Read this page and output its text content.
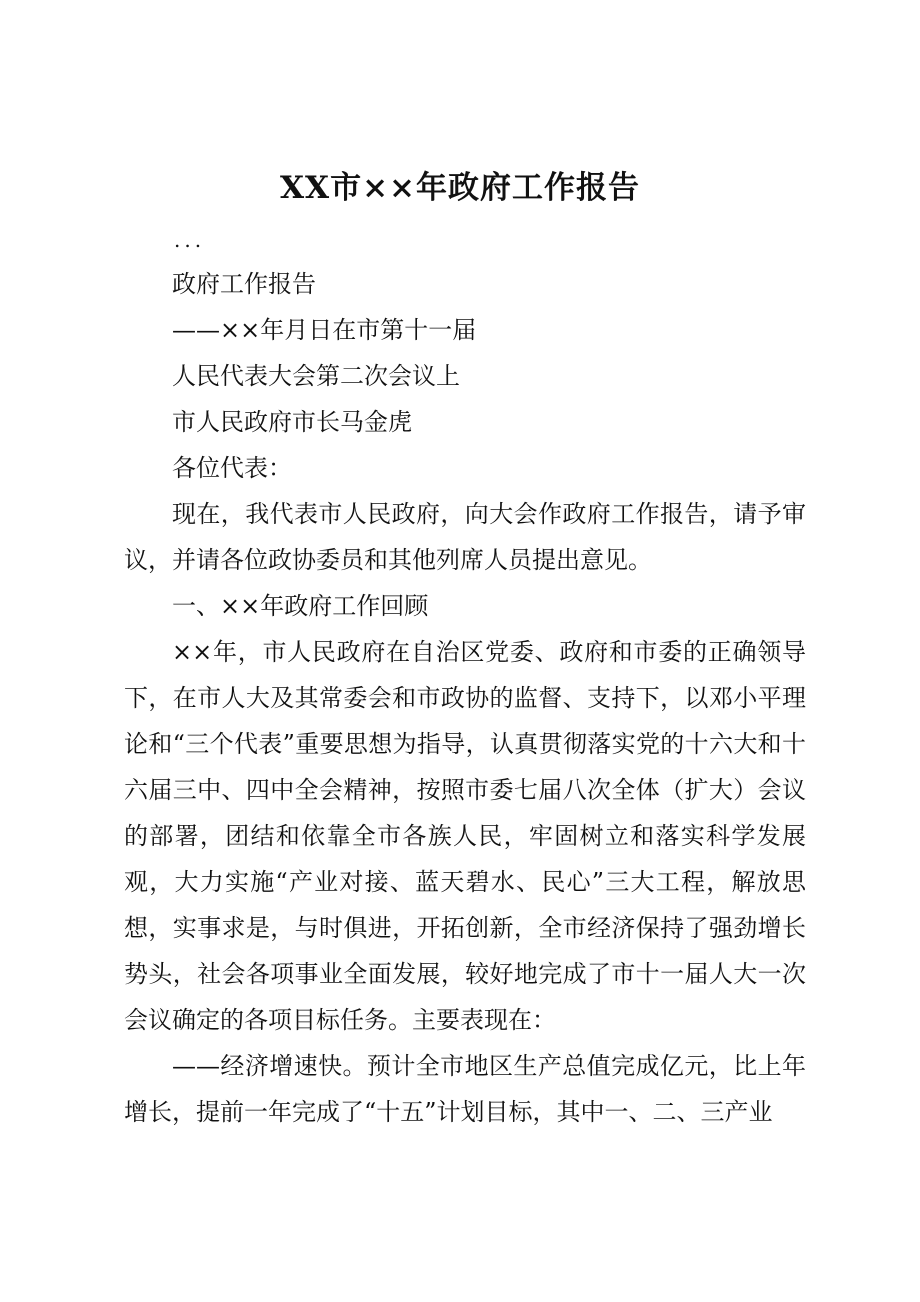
XX市××年政府工作报告
...

政府工作报告

——××年月日在市第十一届

人民代表大会第二次会议上

市人民政府市长马金虎

各位代表：

现在，我代表市人民政府，向大会作政府工作报告，请予审议，并请各位政协委员和其他列席人员提出意见。

一、××年政府工作回顾

××年，市人民政府在自治区党委、政府和市委的正确领导下，在市人大及其常委会和市政协的监督、支持下，以邓小平理论和“三个代表”重要思想为指导，认真贯彻落实党的十六大和十六届三中、四中全会精神，按照市委七届八次全体（扩大）会议的部署，团结和依靠全市各族人民，牢固树立和落实科学发展观，大力实施“产业对接、蓝天碧水、民心”三大工程，解放思想，实事求是，与时俱进，开拓创新，全市经济保持了强劲增长势头，社会各项事业全面发展，较好地完成了市十一届人大一次会议确定的各项目标任务。主要表现在：

——经济增速快。预计全市地区生产总值完成亿元，比上年增长，提前一年完成了“十五”计划目标，其中一、二、三产业
